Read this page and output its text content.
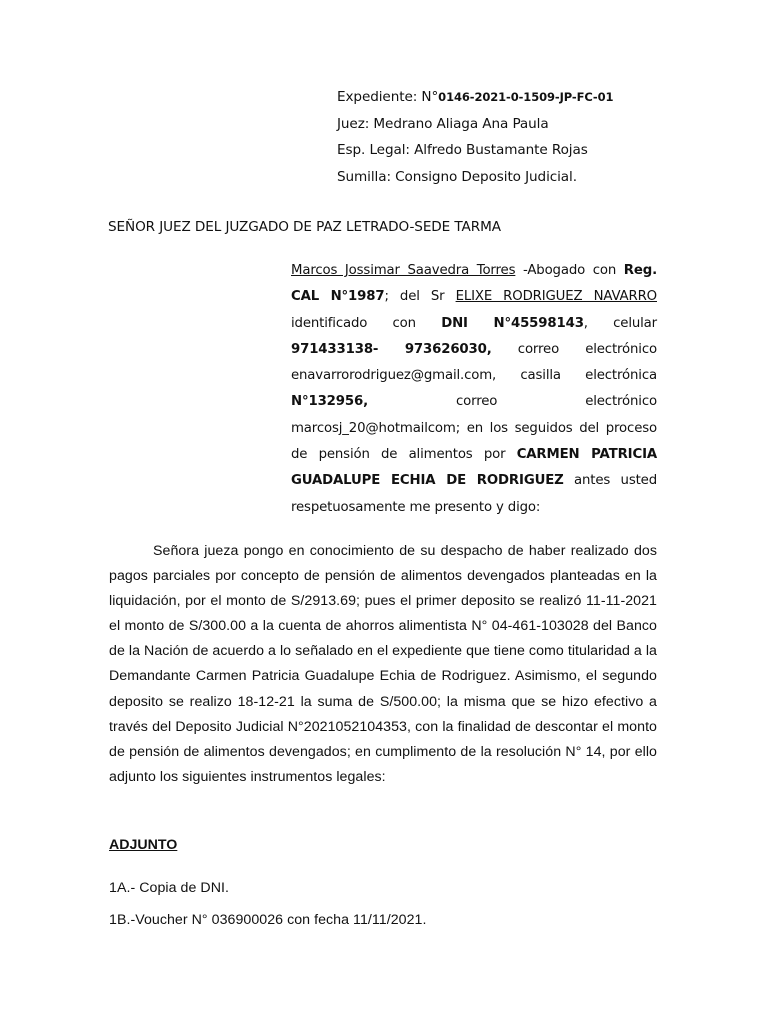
Expediente: N°0146-2021-0-1509-JP-FC-01
Juez: Medrano Aliaga Ana Paula
Esp. Legal: Alfredo Bustamante Rojas
Sumilla: Consigno Deposito Judicial.
SEÑOR JUEZ DEL JUZGADO DE PAZ LETRADO-SEDE TARMA
Marcos Jossimar Saavedra Torres -Abogado con Reg. CAL N°1987; del Sr ELIXE RODRIGUEZ NAVARRO identificado con DNI N°45598143, celular 971433138- 973626030, correo electrónico enavarrorodriguez@gmail.com, casilla electrónica N°132956, correo electrónico marcosj_20@hotmailcom; en los seguidos del proceso de pensión de alimentos por CARMEN PATRICIA GUADALUPE ECHIA DE RODRIGUEZ antes usted respetuosamente me presento y digo:
Señora jueza pongo en conocimiento de su despacho de haber realizado dos pagos parciales por concepto de pensión de alimentos devengados planteadas en la liquidación, por el monto de S/2913.69; pues el primer deposito se realizó 11-11-2021 el monto de S/300.00 a la cuenta de ahorros alimentista N° 04-461-103028 del Banco de la Nación de acuerdo a lo señalado en el expediente que tiene como titularidad a la Demandante Carmen Patricia Guadalupe Echia de Rodriguez. Asimismo, el segundo deposito se realizo 18-12-21 la suma de S/500.00; la misma que se hizo efectivo a través del Deposito Judicial N°2021052104353, con la finalidad de descontar el monto de pensión de alimentos devengados; en cumplimento de la resolución N° 14, por ello adjunto los siguientes instrumentos legales:
ADJUNTO
1A.- Copia de DNI.
1B.-Voucher N° 036900026 con fecha 11/11/2021.
